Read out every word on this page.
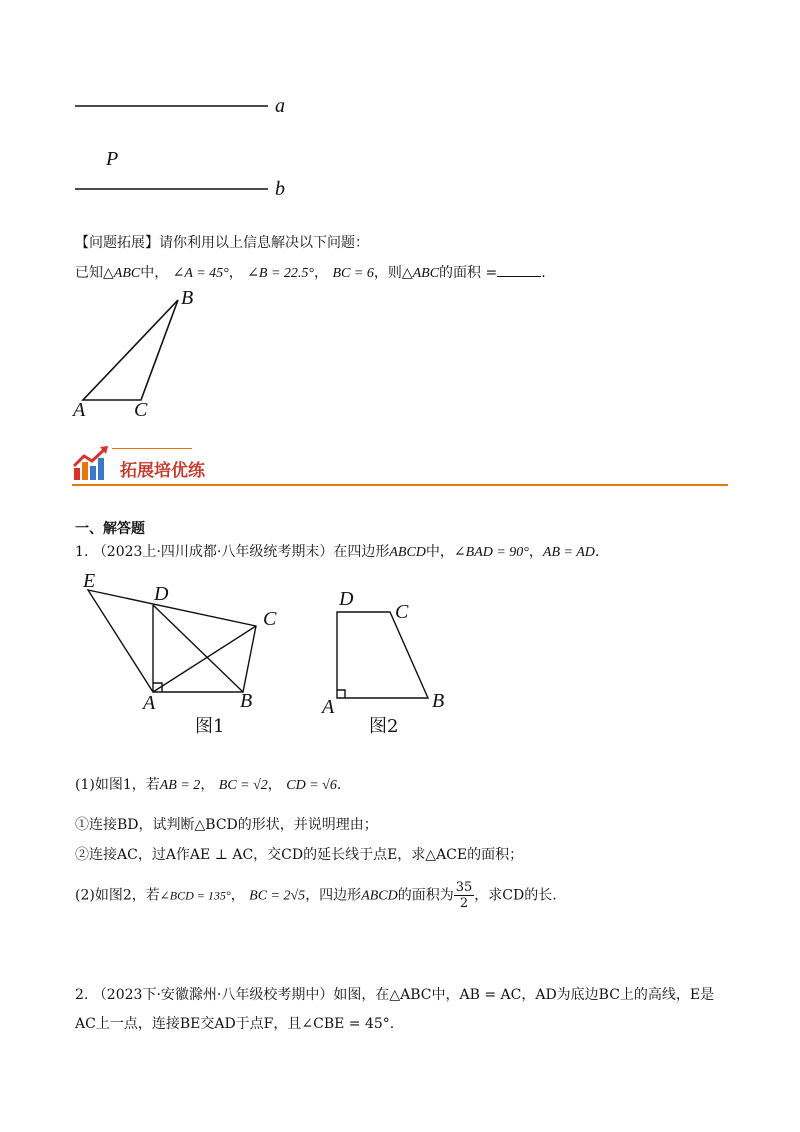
a
b
P
【问题拓展】请你利用以上信息解决以下问题：
已知△ABC中， ∠A = 45°， ∠B = 22.5°， BC = 6，则△ABC的面积 =	.
B
A C
拓展培优练
一、解答题
1. （2023上·四川成都·八年级统考期末）在四边形ABCD中，∠BAD = 90°，AB = AD.
E
D
C
A	B
图1
D
C
A	B
图2
(1)如图1，若AB = 2， BC = √2， CD = √6.
①连接BD，试判断△BCD的形状，并说明理由；
②连接AC，过A作AE ⊥ AC，交CD的延长线于点E，求△ACE的面积；
(2)如图2，若∠BCD = 135°， BC = 2√5，四边形ABCD的面积为 $\frac{35}{2}$ ，求CD的长.
2. （2023下·安徽滁州·八年级校考期中）如图，在△ABC中，AB = AC，AD为底边BC上的高线，E是
AC上一点，连接BE交AD于点F，且∠CBE = 45°.
